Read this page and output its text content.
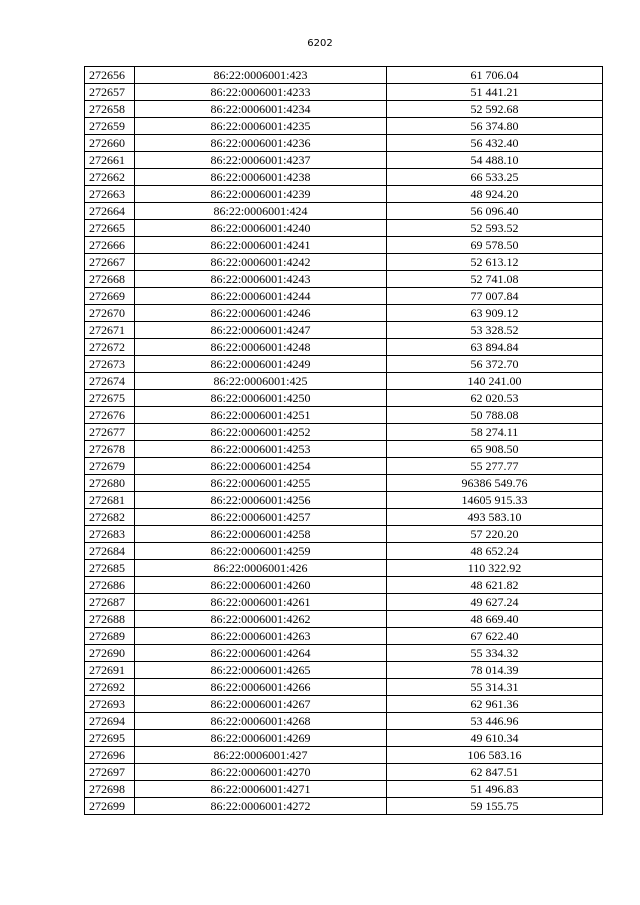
6202
272656	86:22:0006001:423	61 706.04
272657	86:22:0006001:4233	51 441.21
272658	86:22:0006001:4234	52 592.68
272659	86:22:0006001:4235	56 374.80
272660	86:22:0006001:4236	56 432.40
272661	86:22:0006001:4237	54 488.10
272662	86:22:0006001:4238	66 533.25
272663	86:22:0006001:4239	48 924.20
272664	86:22:0006001:424	56 096.40
272665	86:22:0006001:4240	52 593.52
272666	86:22:0006001:4241	69 578.50
272667	86:22:0006001:4242	52 613.12
272668	86:22:0006001:4243	52 741.08
272669	86:22:0006001:4244	77 007.84
272670	86:22:0006001:4246	63 909.12
272671	86:22:0006001:4247	53 328.52
272672	86:22:0006001:4248	63 894.84
272673	86:22:0006001:4249	56 372.70
272674	86:22:0006001:425	140 241.00
272675	86:22:0006001:4250	62 020.53
272676	86:22:0006001:4251	50 788.08
272677	86:22:0006001:4252	58 274.11
272678	86:22:0006001:4253	65 908.50
272679	86:22:0006001:4254	55 277.77
272680	86:22:0006001:4255	96386 549.76
272681	86:22:0006001:4256	14605 915.33
272682	86:22:0006001:4257	493 583.10
272683	86:22:0006001:4258	57 220.20
272684	86:22:0006001:4259	48 652.24
272685	86:22:0006001:426	110 322.92
272686	86:22:0006001:4260	48 621.82
272687	86:22:0006001:4261	49 627.24
272688	86:22:0006001:4262	48 669.40
272689	86:22:0006001:4263	67 622.40
272690	86:22:0006001:4264	55 334.32
272691	86:22:0006001:4265	78 014.39
272692	86:22:0006001:4266	55 314.31
272693	86:22:0006001:4267	62 961.36
272694	86:22:0006001:4268	53 446.96
272695	86:22:0006001:4269	49 610.34
272696	86:22:0006001:427	106 583.16
272697	86:22:0006001:4270	62 847.51
272698	86:22:0006001:4271	51 496.83
272699	86:22:0006001:4272	59 155.75
